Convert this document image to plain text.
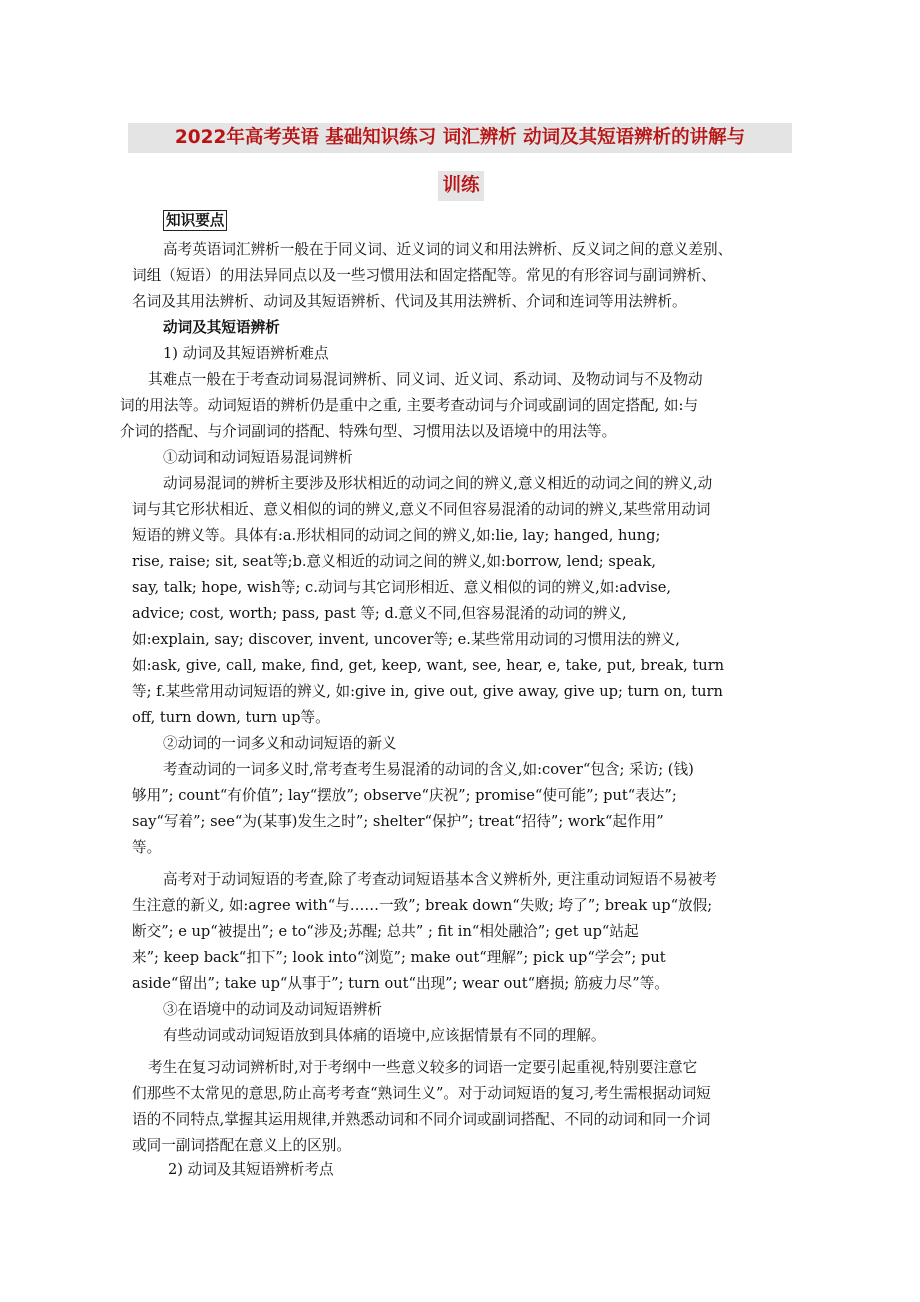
2022年高考英语 基础知识练习 词汇辨析 动词及其短语辨析的讲解与
训练
知识要点
高考英语词汇辨析一般在于同义词、近义词的词义和用法辨析、反义词之间的意义差别、
词组（短语）的用法异同点以及一些习惯用法和固定搭配等。常见的有形容词与副词辨析、
名词及其用法辨析、动词及其短语辨析、代词及其用法辨析、介词和连词等用法辨析。
动词及其短语辨析
1) 动词及其短语辨析难点
其难点一般在于考查动词易混词辨析、同义词、近义词、系动词、及物动词与不及物动
词的用法等。动词短语的辨析仍是重中之重, 主要考查动词与介词或副词的固定搭配, 如:与
介词的搭配、与介词副词的搭配、特殊句型、习惯用法以及语境中的用法等。
①动词和动词短语易混词辨析
动词易混词的辨析主要涉及形状相近的动词之间的辨义,意义相近的动词之间的辨义,动
词与其它形状相近、意义相似的词的辨义,意义不同但容易混淆的动词的辨义,某些常用动词
短语的辨义等。具体有:a.形状相同的动词之间的辨义,如:lie, lay; hanged, hung;
rise, raise; sit, seat等;b.意义相近的动词之间的辨义,如:borrow, lend; speak,
say, talk; hope, wish等; c.动词与其它词形相近、意义相似的词的辨义,如:advise,
advice; cost, worth; pass, past 等; d.意义不同,但容易混淆的动词的辨义,
如:explain, say; discover, invent, uncover等; e.某些常用动词的习惯用法的辨义,
如:ask, give, call, make, find, get, keep, want, see, hear, e, take, put, break, turn
等; f.某些常用动词短语的辨义, 如:give in, give out, give away, give up; turn on, turn
off, turn down, turn up等。
②动词的一词多义和动词短语的新义
考查动词的一词多义时,常考查考生易混淆的动词的含义,如:cover“包含; 采访; (钱)
够用”; count“有价值”; lay“摆放”; observe“庆祝”; promise“使可能”; put“表达”;
say“写着”; see“为(某事)发生之时”; shelter“保护”; treat“招待”; work“起作用”
等。
高考对于动词短语的考查,除了考查动词短语基本含义辨析外, 更注重动词短语不易被考
生注意的新义, 如:agree with“与……一致”; break down“失败; 垮了”; break up“放假;
断交”; e up“被提出”; e to“涉及;苏醒; 总共” ; fit in“相处融洽”; get up“站起
来”; keep back“扣下”; look into“浏览”; make out“理解”; pick up“学会”; put
aside“留出”; take up“从事于”; turn out“出现”; wear out“磨损; 筋疲力尽”等。
③在语境中的动词及动词短语辨析
有些动词或动词短语放到具体痛的语境中,应该据情景有不同的理解。
考生在复习动词辨析时,对于考纲中一些意义较多的词语一定要引起重视,特别要注意它
们那些不太常见的意思,防止高考考查“熟词生义”。对于动词短语的复习,考生需根据动词短
语的不同特点,掌握其运用规律,并熟悉动词和不同介词或副词搭配、不同的动词和同一介词
或同一副词搭配在意义上的区别。
2) 动词及其短语辨析考点
